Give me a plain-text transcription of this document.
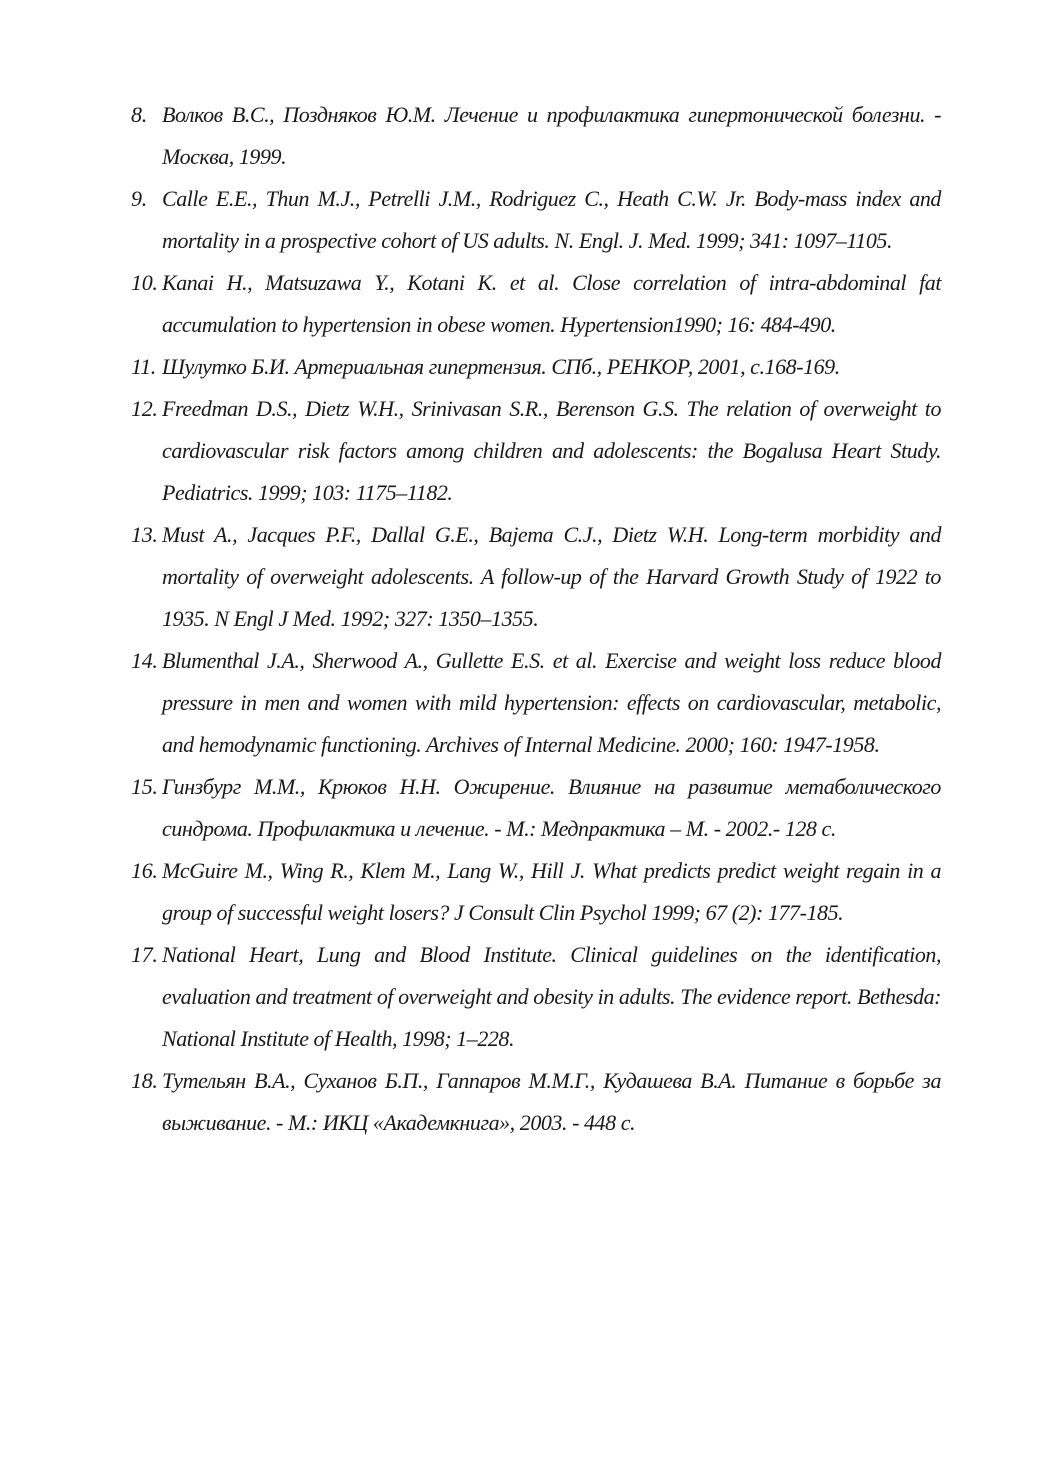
8. Волков В.С., Поздняков Ю.М. Лечение и профилактика гипертонической болезни. - Москва, 1999.
9. Calle E.E., Thun M.J., Petrelli J.M., Rodriguez C., Heath C.W. Jr. Body-mass index and mortality in a prospective cohort of US adults. N. Engl. J. Med. 1999; 341: 1097–1105.
10. Kanai H., Matsuzawa Y., Kotani K. et al. Close correlation of intra-abdominal fat accumulation to hypertension in obese women. Hypertension1990; 16: 484-490.
11. Шулутко Б.И. Артериальная гипертензия. СПб., РЕНКОР, 2001, с.168-169.
12. Freedman D.S., Dietz W.H., Srinivasan S.R., Berenson G.S. The relation of overweight to cardiovascular risk factors among children and adolescents: the Bogalusa Heart Study. Pediatrics. 1999; 103: 1175–1182.
13. Must A., Jacques P.F., Dallal G.E., Bajema C.J., Dietz W.H. Long-term morbidity and mortality of overweight adolescents. A follow-up of the Harvard Growth Study of 1922 to 1935. N Engl J Med. 1992; 327: 1350–1355.
14. Blumenthal J.A., Sherwood A., Gullette E.S. et al. Exercise and weight loss reduce blood pressure in men and women with mild hypertension: effects on cardiovascular, metabolic, and hemodynamic functioning. Archives of Internal Medicine. 2000; 160: 1947-1958.
15. Гинзбург М.М., Крюков Н.Н. Ожирение. Влияние на развитие метаболического синдрома. Профилактика и лечение. - М.: Медпрактика – М. - 2002.- 128 с.
16. McGuire M., Wing R., Klem M., Lang W., Hill J. What predicts predict weight regain in a group of successful weight losers? J Consult Clin Psychol 1999; 67 (2): 177-185.
17. National Heart, Lung and Blood Institute. Clinical guidelines on the identification, evaluation and treatment of overweight and obesity in adults. The evidence report. Bethesda: National Institute of Health, 1998; 1–228.
18. Тутельян В.А., Суханов Б.П., Гаппаров М.М.Г., Кудашева В.А. Питание в борьбе за выживание. - М.: ИКЦ «Академкнига», 2003. - 448 с.
